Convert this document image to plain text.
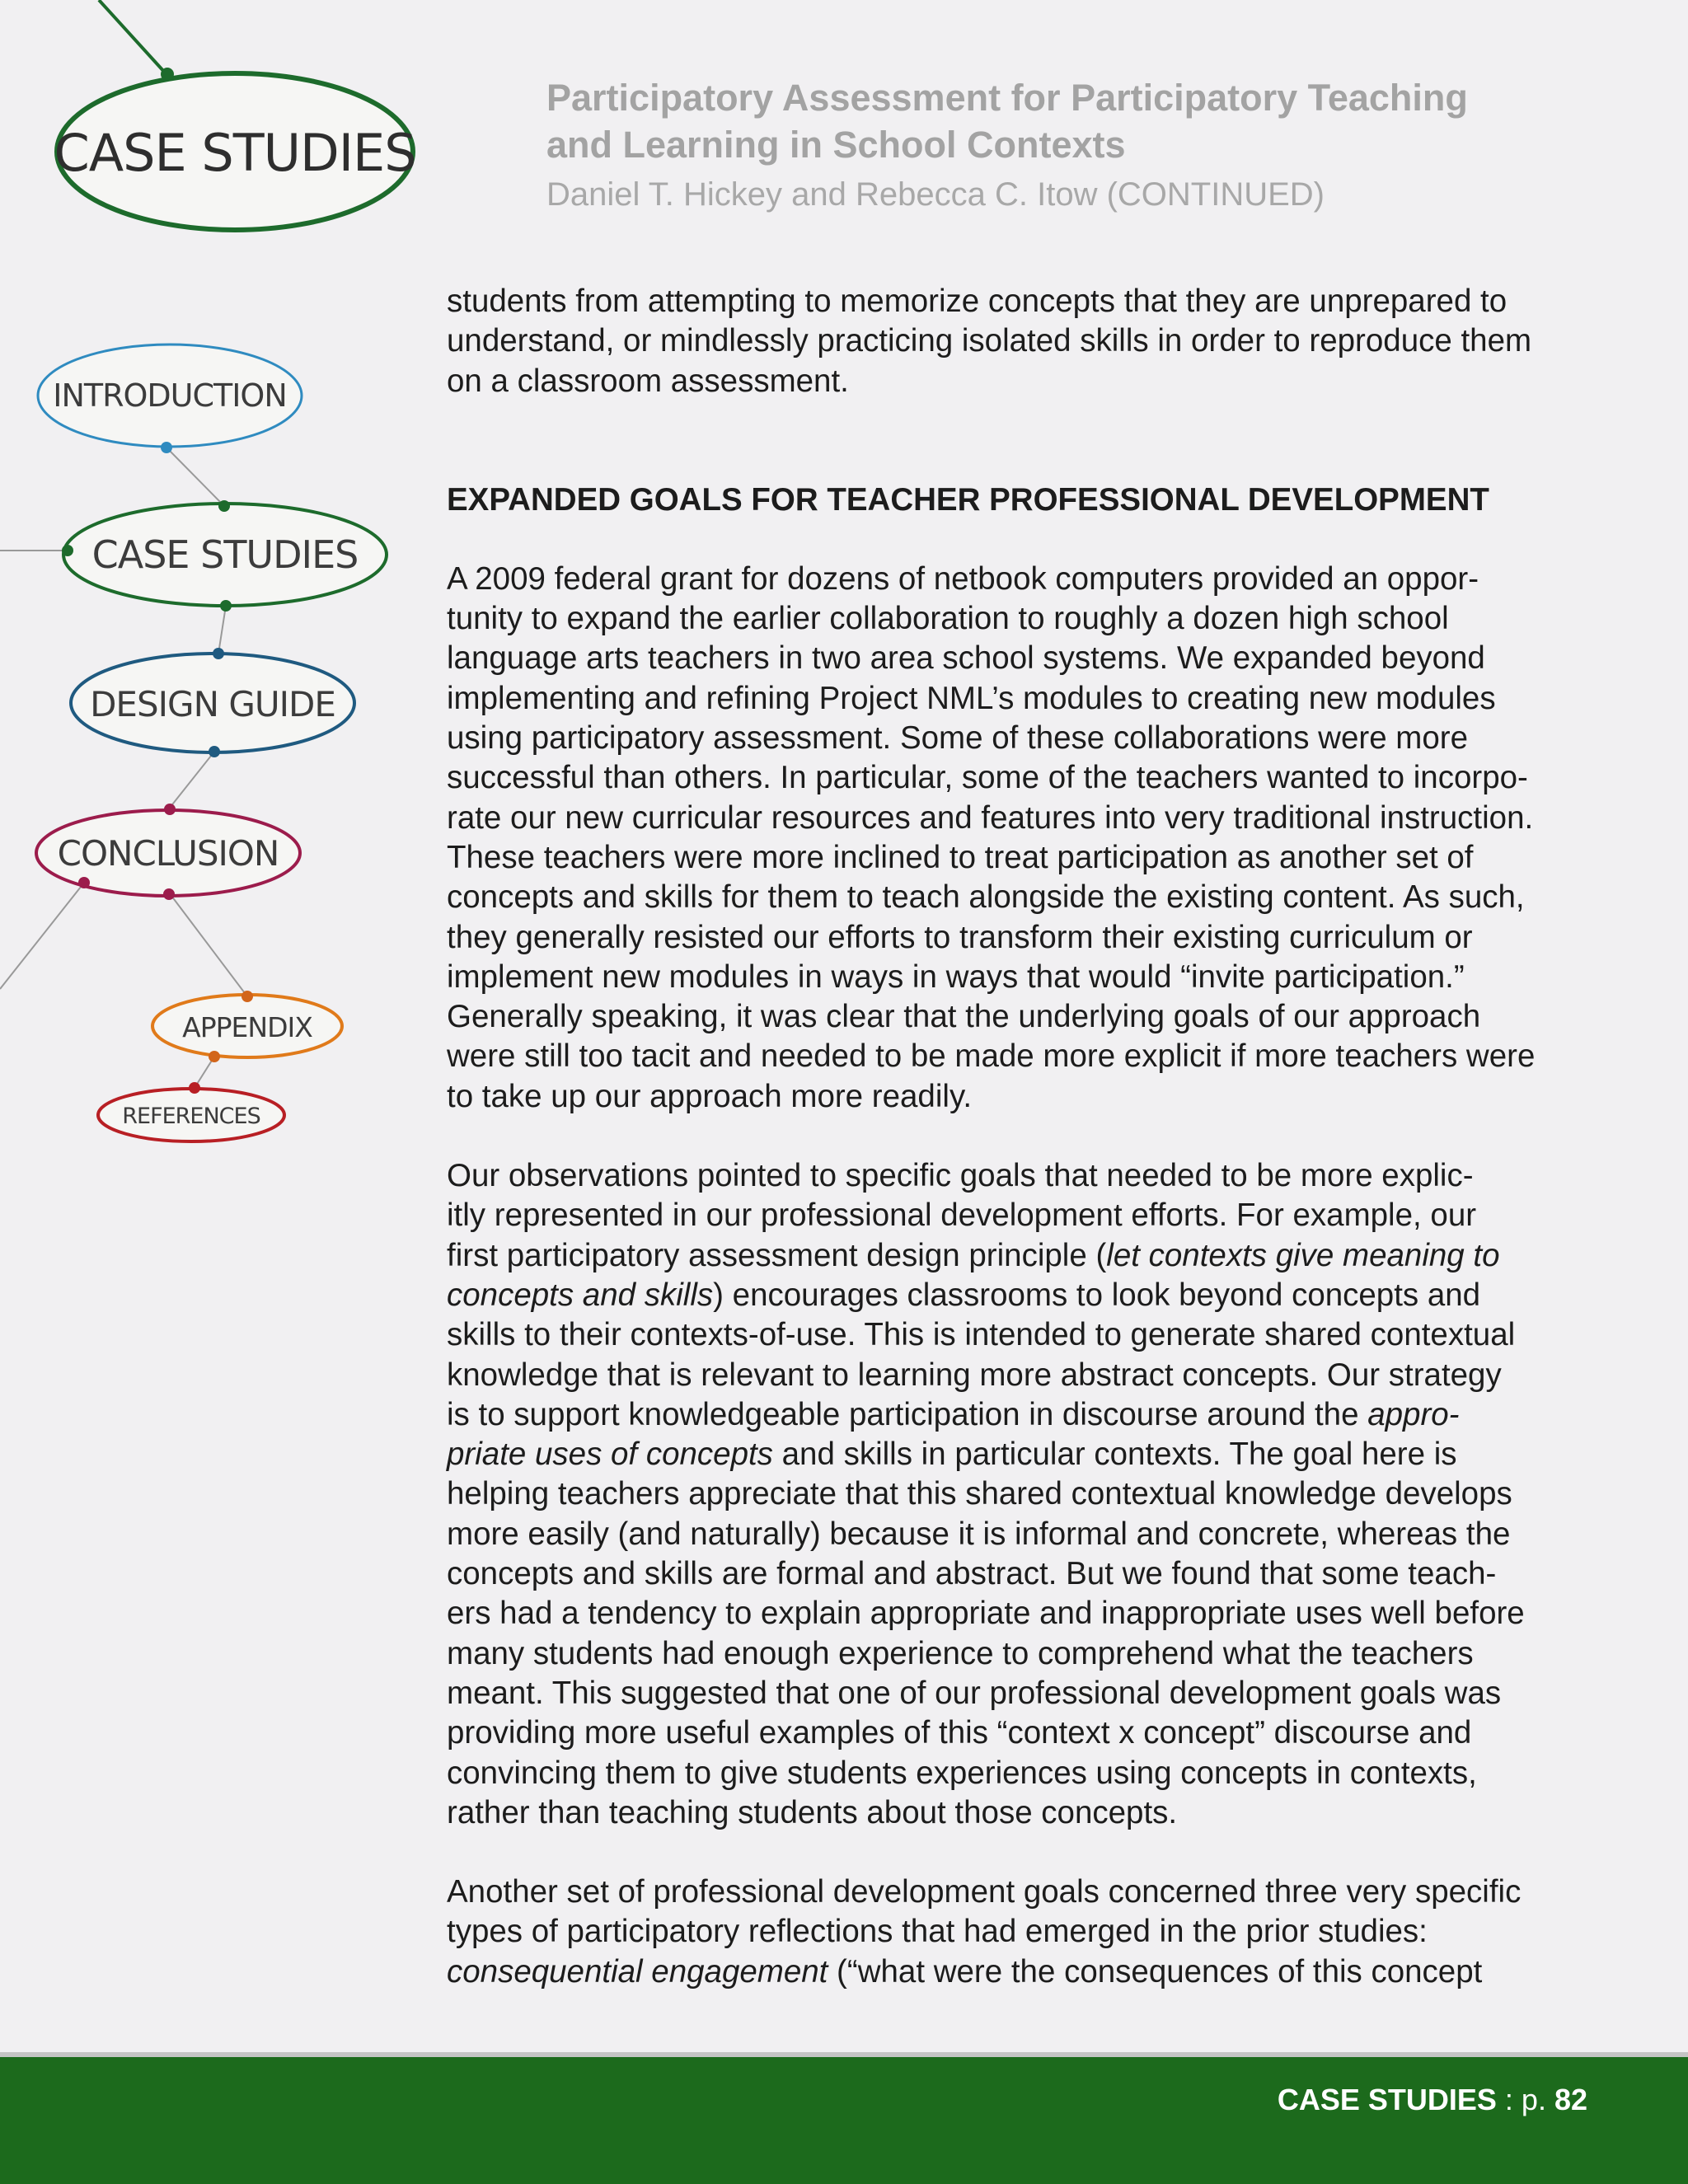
CASE STUDIES
INTRODUCTION
CASE STUDIES
DESIGN GUIDE
CONCLUSION
APPENDIX
REFERENCES
Participatory Assessment for Participatory Teaching
and Learning in School Contexts
Daniel T. Hickey and Rebecca C. Itow (CONTINUED)
students from attempting to memorize concepts that they are unprepared to
understand, or mindlessly practicing isolated skills in order to reproduce them
on a classroom assessment.
EXPANDED GOALS FOR TEACHER PROFESSIONAL DEVELOPMENT
A 2009 federal grant for dozens of netbook computers provided an oppor-
tunity to expand the earlier collaboration to roughly a dozen high school
language arts teachers in two area school systems. We expanded beyond
implementing and refining Project NML’s modules to creating new modules
using participatory assessment. Some of these collaborations were more
successful than others. In particular, some of the teachers wanted to incorpo-
rate our new curricular resources and features into very traditional instruction.
These teachers were more inclined to treat participation as another set of
concepts and skills for them to teach alongside the existing content. As such,
they generally resisted our efforts to transform their existing curriculum or
implement new modules in ways in ways that would “invite participation.”
Generally speaking, it was clear that the underlying goals of our approach
were still too tacit and needed to be made more explicit if more teachers were
to take up our approach more readily.
Our observations pointed to specific goals that needed to be more explic-
itly represented in our professional development efforts. For example, our
first participatory assessment design principle (let contexts give meaning to
concepts and skills) encourages classrooms to look beyond concepts and
skills to their contexts-of-use. This is intended to generate shared contextual
knowledge that is relevant to learning more abstract concepts. Our strategy
is to support knowledgeable participation in discourse around the appro-
priate uses of concepts and skills in particular contexts. The goal here is
helping teachers appreciate that this shared contextual knowledge develops
more easily (and naturally) because it is informal and concrete, whereas the
concepts and skills are formal and abstract. But we found that some teach-
ers had a tendency to explain appropriate and inappropriate uses well before
many students had enough experience to comprehend what the teachers
meant. This suggested that one of our professional development goals was
providing more useful examples of this “context x concept” discourse and
convincing them to give students experiences using concepts in contexts,
rather than teaching students about those concepts.
Another set of professional development goals concerned three very specific
types of participatory reflections that had emerged in the prior studies:
consequential engagement (“what were the consequences of this concept
CASE STUDIES : p. 82
